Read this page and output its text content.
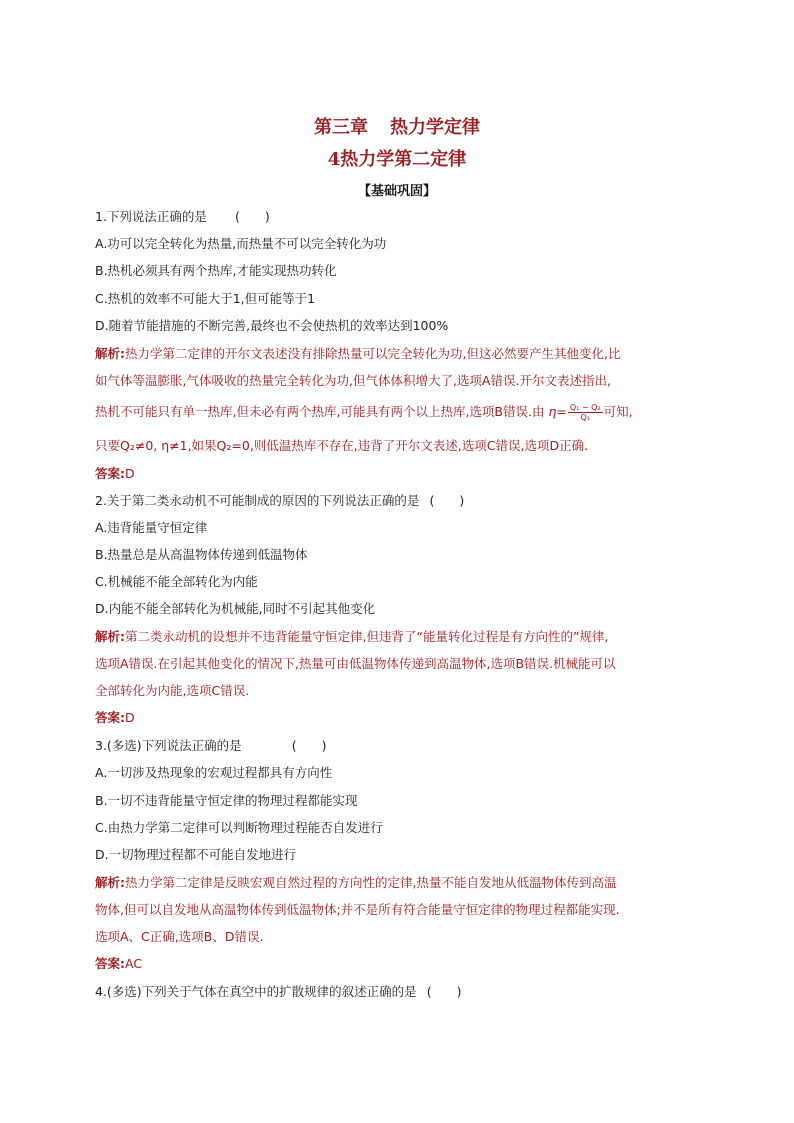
第三章 热力学定律
4热力学第二定律
【基础巩固】
1.下列说法正确的是 (　　)
A.功可以完全转化为热量,而热量不可以完全转化为功
B.热机必须具有两个热库,才能实现热功转化
C.热机的效率不可能大于1,但可能等于1
D.随着节能措施的不断完善,最终也不会使热机的效率达到100%
解析:热力学第二定律的开尔文表述没有排除热量可以完全转化为功,但这必然要产生其他变化,比
如气体等温膨胀,气体吸收的热量完全转化为功,但气体体积增大了,选项A错误.开尔文表述指出,
热机不可能只有单一热库,但未必有两个热库,可能具有两个以上热库,选项B错误.由 $\eta= \frac{\text{Q₁ − Q₂}}{\text{Q₁}}$ 可知,
只要Q₂≠0, η≠1,如果Q₂=0,则低温热库不存在,违背了开尔文表述,选项C错误,选项D正确.
答案:D
2.关于第二类永动机不可能制成的原因的下列说法正确的是 (　　)
A.违背能量守恒定律
B.热量总是从高温物体传递到低温物体
C.机械能不能全部转化为内能
D.内能不能全部转化为机械能,同时不引起其他变化
解析:第二类永动机的设想并不违背能量守恒定律,但违背了“能量转化过程是有方向性的”规律,
选项A错误.在引起其他变化的情况下,热量可由低温物体传递到高温物体,选项B错误.机械能可以
全部转化为内能,选项C错误.
答案:D
3.(多选)下列说法正确的是	(　　)
A.一切涉及热现象的宏观过程都具有方向性
B.一切不违背能量守恒定律的物理过程都能实现
C.由热力学第二定律可以判断物理过程能否自发进行
D.一切物理过程都不可能自发地进行
解析:热力学第二定律是反映宏观自然过程的方向性的定律,热量不能自发地从低温物体传到高温
物体,但可以自发地从高温物体传到低温物体;并不是所有符合能量守恒定律的物理过程都能实现.
选项A、C正确,选项B、D错误.
答案:AC
4.(多选)下列关于气体在真空中的扩散规律的叙述正确的是 (　　)
